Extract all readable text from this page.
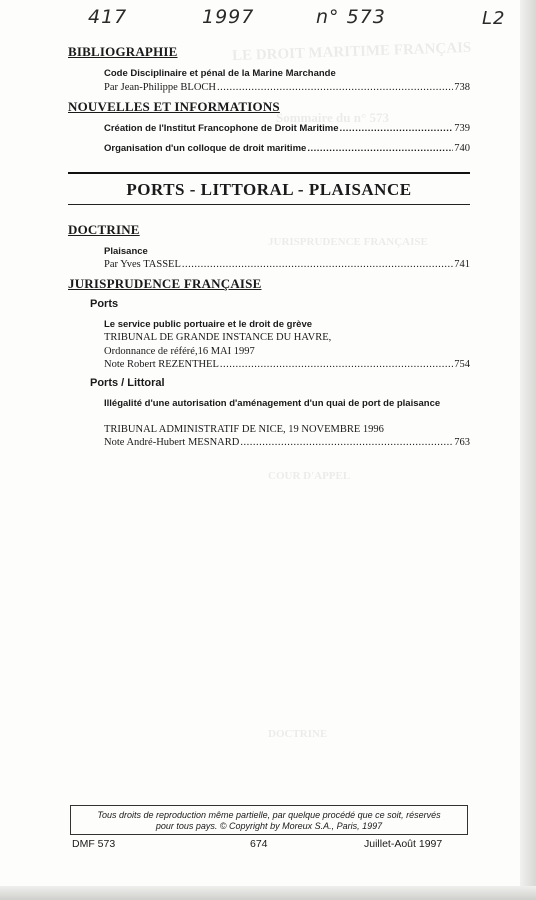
LE DROIT MARITIME FRANÇAIS
Sommaire du n° 573
JURISPRUDENCE FRANÇAISE
COUR D'APPEL
DOCTRINE
417	1997	n° 573	L2
BIBLIOGRAPHIE
Code Disciplinaire et pénal de la Marine Marchande
Par Jean-Philippe BLOCH .....	738
NOUVELLES ET INFORMATIONS
Création de l'Institut Francophone de Droit Maritime .....	739
Organisation d'un colloque de droit maritime .....	740
PORTS - LITTORAL - PLAISANCE
DOCTRINE
Plaisance
Par Yves TASSEL .....	741
JURISPRUDENCE FRANÇAISE
Ports
Le service public portuaire et le droit de grève
TRIBUNAL DE GRANDE INSTANCE DU HAVRE,
Ordonnance de référé,16 MAI 1997
Note Robert REZENTHEL .....	754
Ports / Littoral
Illégalité d'une autorisation d'aménagement d'un quai de port de plaisance
TRIBUNAL ADMINISTRATIF DE NICE, 19 NOVEMBRE 1996
Note André-Hubert MESNARD .....	763
Tous droits de reproduction même partielle, par quelque procédé que ce soit, réservés
pour tous pays. © Copyright by Moreux S.A., Paris, 1997
DMF 573	674	Juillet-Août 1997
